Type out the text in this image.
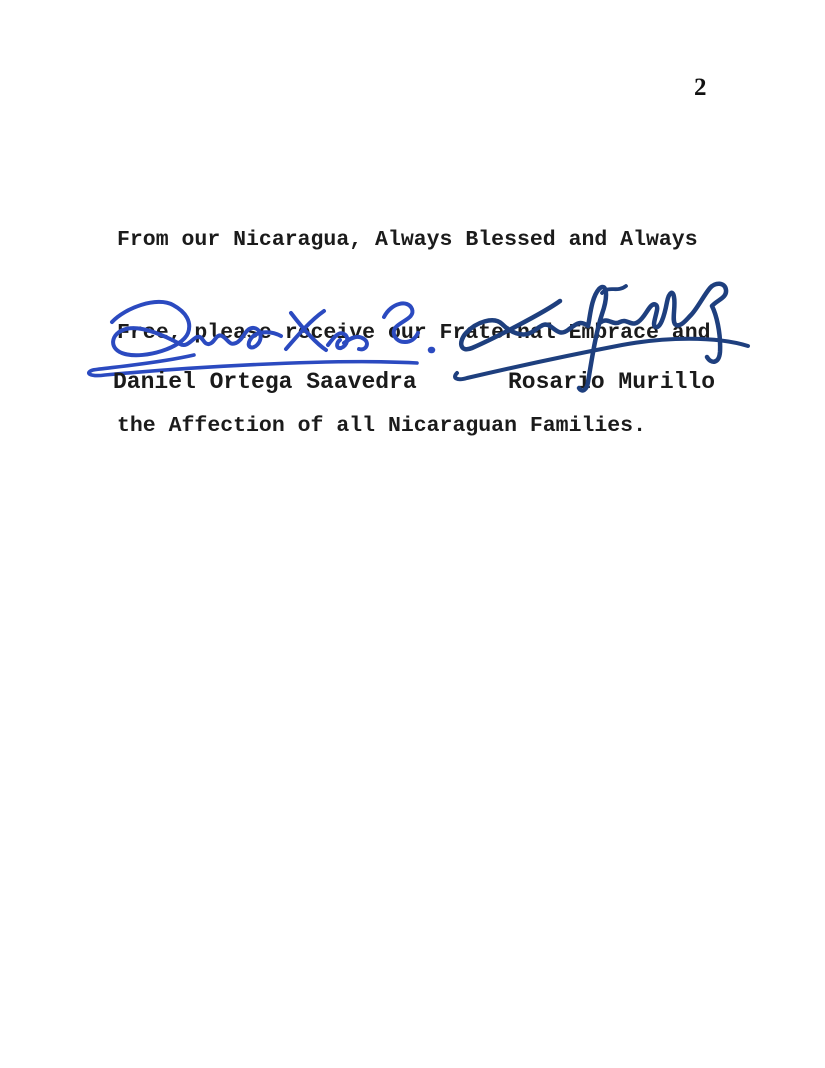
2

From our Nicaragua, Always Blessed and Always

Free, please receive our Fraternal Embrace and

the Affection of all Nicaraguan Families.

Daniel Ortega Saavedra	Rosario Murillo
